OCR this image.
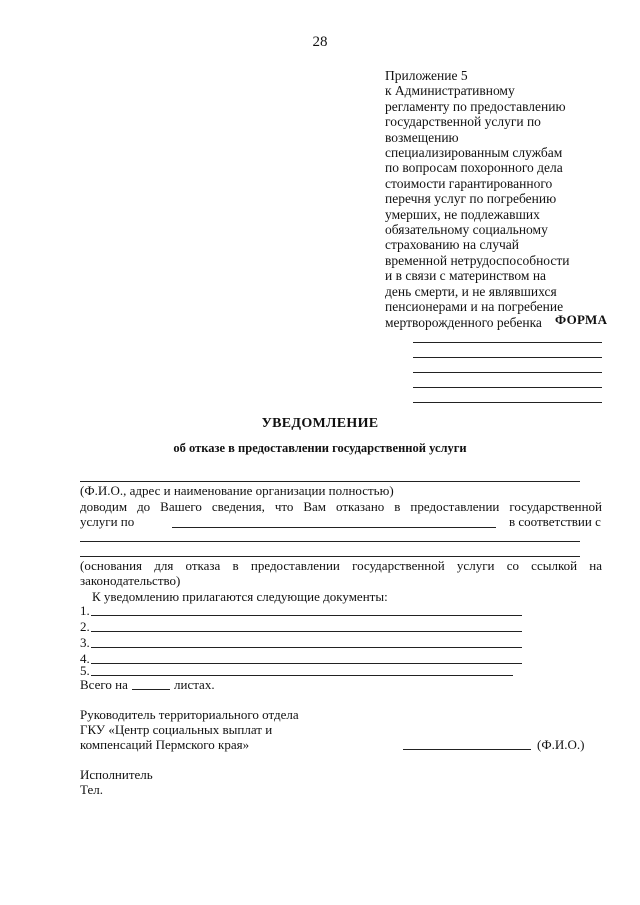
28
Приложение 5
к Административному
регламенту по предоставлению
государственной услуги по
возмещению
специализированным службам
по вопросам похоронного дела
стоимости гарантированного
перечня услуг по погребению
умерших, не подлежавших
обязательному социальному
страхованию на случай
временной нетрудоспособности
и в связи с материнством на
день смерти, и не являвшихся
пенсионерами и на погребение
мертворожденного ребенка	ФОРМА
УВЕДОМЛЕНИЕ
об отказе в предоставлении государственной услуги
(Ф.И.О., адрес и наименование организации полностью)
доводим до Вашего сведения, что Вам отказано в предоставлении государственной
услуги по	в соответствии с
(основания для отказа в предоставлении государственной услуги со ссылкой на
законодательство)
К уведомлению прилагаются следующие документы:
1.
2.
3.
4.
5.
Всего на	листах.
Руководитель территориального отдела
ГКУ «Центр социальных выплат и
компенсаций Пермского края»	(Ф.И.О.)
Исполнитель
Тел.
